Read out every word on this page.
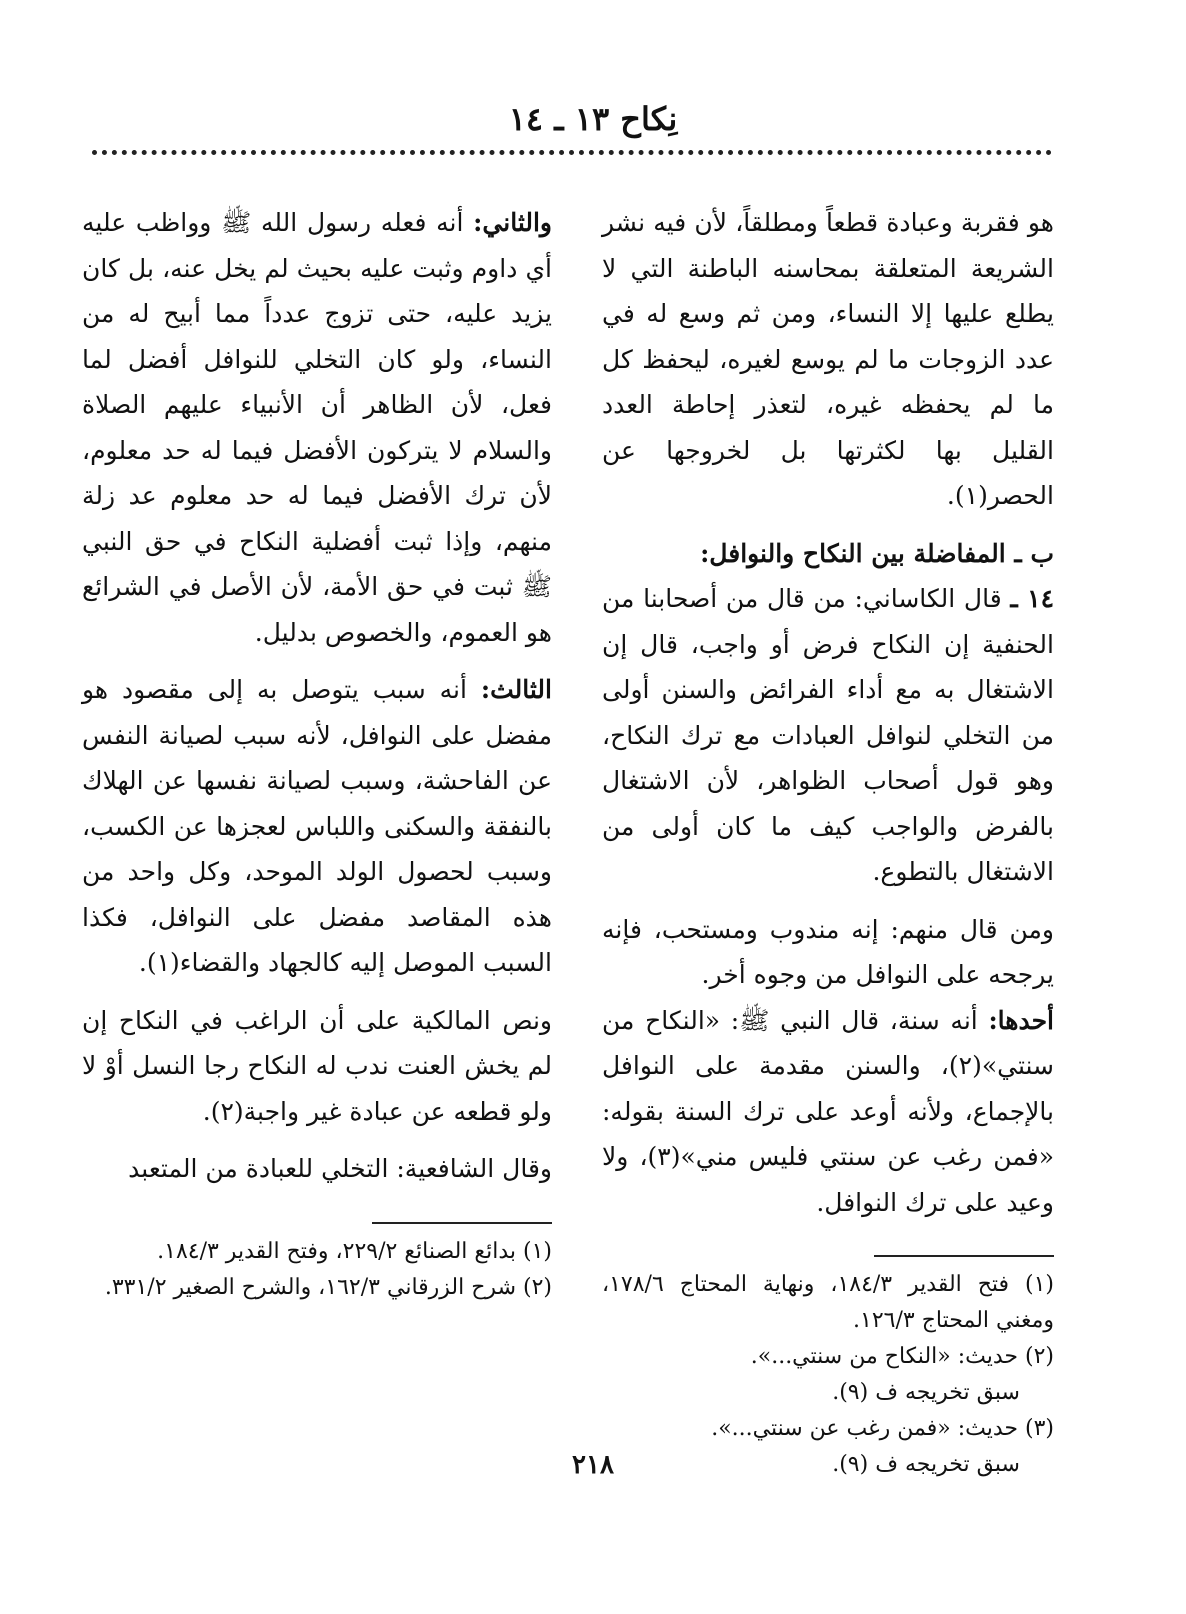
نِكاح ١٣ ـ ١٤

هو فقربة وعبادة قطعاً ومطلقاً، لأن فيه نشر الشريعة المتعلقة بمحاسنه الباطنة التي لا يطلع عليها إلا النساء، ومن ثم وسع له في عدد الزوجات ما لم يوسع لغيره، ليحفظ كل ما لم يحفظه غيره، لتعذر إحاطة العدد القليل بها لكثرتها بل لخروجها عن الحصر(١).

ب ـ المفاضلة بين النكاح والنوافل:

١٤ ـ قال الكاساني: من قال من أصحابنا من الحنفية إن النكاح فرض أو واجب، قال إن الاشتغال به مع أداء الفرائض والسنن أولى من التخلي لنوافل العبادات مع ترك النكاح، وهو قول أصحاب الظواهر، لأن الاشتغال بالفرض والواجب كيف ما كان أولى من الاشتغال بالتطوع.

ومن قال منهم: إنه مندوب ومستحب، فإنه يرجحه على النوافل من وجوه أخر.

أحدها: أنه سنة، قال النبي ﷺ: «النكاح من سنتي»(٢)، والسنن مقدمة على النوافل بالإجماع، ولأنه أوعد على ترك السنة بقوله: «فمن رغب عن سنتي فليس مني»(٣)، ولا وعيد على ترك النوافل.

(١) فتح القدير ١٨٤/٣، ونهاية المحتاج ١٧٨/٦، ومغني المحتاج ١٢٦/٣.

(٢) حديث: «النكاح من سنتي...».

سبق تخريجه ف (٩).

(٣) حديث: «فمن رغب عن سنتي...».

سبق تخريجه ف (٩).

والثاني: أنه فعله رسول الله ﷺ وواظب عليه أي داوم وثبت عليه بحيث لم يخل عنه، بل كان يزيد عليه، حتى تزوج عدداً مما أبيح له من النساء، ولو كان التخلي للنوافل أفضل لما فعل، لأن الظاهر أن الأنبياء عليهم الصلاة والسلام لا يتركون الأفضل فيما له حد معلوم، لأن ترك الأفضل فيما له حد معلوم عد زلة منهم، وإذا ثبت أفضلية النكاح في حق النبي ﷺ ثبت في حق الأمة، لأن الأصل في الشرائع هو العموم، والخصوص بدليل.

الثالث: أنه سبب يتوصل به إلى مقصود هو مفضل على النوافل، لأنه سبب لصيانة النفس عن الفاحشة، وسبب لصيانة نفسها عن الهلاك بالنفقة والسكنى واللباس لعجزها عن الكسب، وسبب لحصول الولد الموحد، وكل واحد من هذه المقاصد مفضل على النوافل، فكذا السبب الموصل إليه كالجهاد والقضاء(١).

ونص المالكية على أن الراغب في النكاح إن لم يخش العنت ندب له النكاح رجا النسل أوْ لا ولو قطعه عن عبادة غير واجبة(٢).

وقال الشافعية: التخلي للعبادة من المتعبد

(١) بدائع الصنائع ٢٢٩/٢، وفتح القدير ١٨٤/٣.

(٢) شرح الزرقاني ١٦٢/٣، والشرح الصغير ٣٣١/٢.

٢١٨
